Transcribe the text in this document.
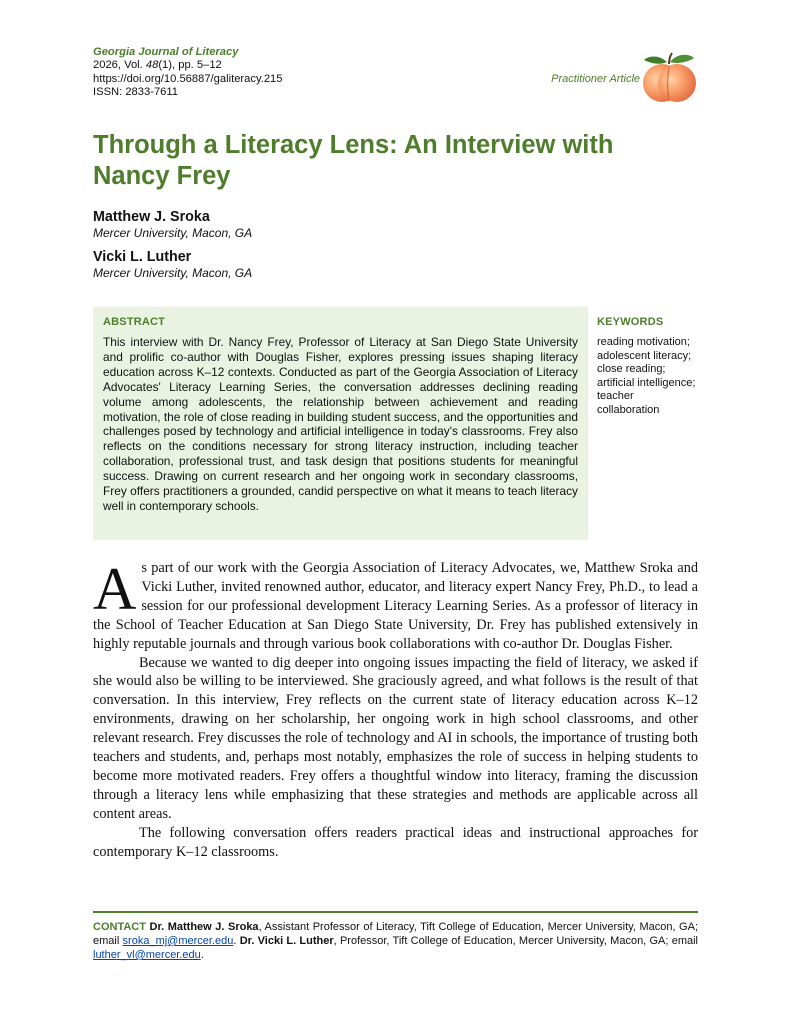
Georgia Journal of Literacy
2026, Vol. 48(1), pp. 5–12
https://doi.org/10.56887/galiteracy.215
ISSN: 2833-7611
Practitioner Article
Through a Literacy Lens: An Interview with Nancy Frey
Matthew J. Sroka
Mercer University, Macon, GA
Vicki L. Luther
Mercer University, Macon, GA
ABSTRACT
This interview with Dr. Nancy Frey, Professor of Literacy at San Diego State University and prolific co-author with Douglas Fisher, explores pressing issues shaping literacy education across K–12 contexts. Conducted as part of the Georgia Association of Literacy Advocates' Literacy Learning Series, the conversation addresses declining reading volume among adolescents, the relationship between achievement and reading motivation, the role of close reading in building student success, and the opportunities and challenges posed by technology and artificial intelligence in today's classrooms. Frey also reflects on the conditions necessary for strong literacy instruction, including teacher collaboration, professional trust, and task design that positions students for meaningful success. Drawing on current research and her ongoing work in secondary classrooms, Frey offers practitioners a grounded, candid perspective on what it means to teach literacy well in contemporary schools.
KEYWORDS
reading motivation; adolescent literacy; close reading; artificial intelligence; teacher collaboration

As part of our work with the Georgia Association of Literacy Advocates, we, Matthew Sroka and Vicki Luther, invited renowned author, educator, and literacy expert Nancy Frey, Ph.D., to lead a session for our professional development Literacy Learning Series. As a professor of literacy in the School of Teacher Education at San Diego State University, Dr. Frey has published extensively in highly reputable journals and through various book collaborations with co-author Dr. Douglas Fisher.

Because we wanted to dig deeper into ongoing issues impacting the field of literacy, we asked if she would also be willing to be interviewed. She graciously agreed, and what follows is the result of that conversation. In this interview, Frey reflects on the current state of literacy education across K–12 environments, drawing on her scholarship, her ongoing work in high school classrooms, and other relevant research. Frey discusses the role of technology and AI in schools, the importance of trusting both teachers and students, and, perhaps most notably, emphasizes the role of success in helping students to become more motivated readers. Frey offers a thoughtful window into literacy, framing the discussion through a literacy lens while emphasizing that these strategies and methods are applicable across all content areas.

The following conversation offers readers practical ideas and instructional approaches for contemporary K–12 classrooms.

CONTACT Dr. Matthew J. Sroka, Assistant Professor of Literacy, Tift College of Education, Mercer University, Macon, GA; email sroka_mj@mercer.edu. Dr. Vicki L. Luther, Professor, Tift College of Education, Mercer University, Macon, GA; email luther_vl@mercer.edu.
